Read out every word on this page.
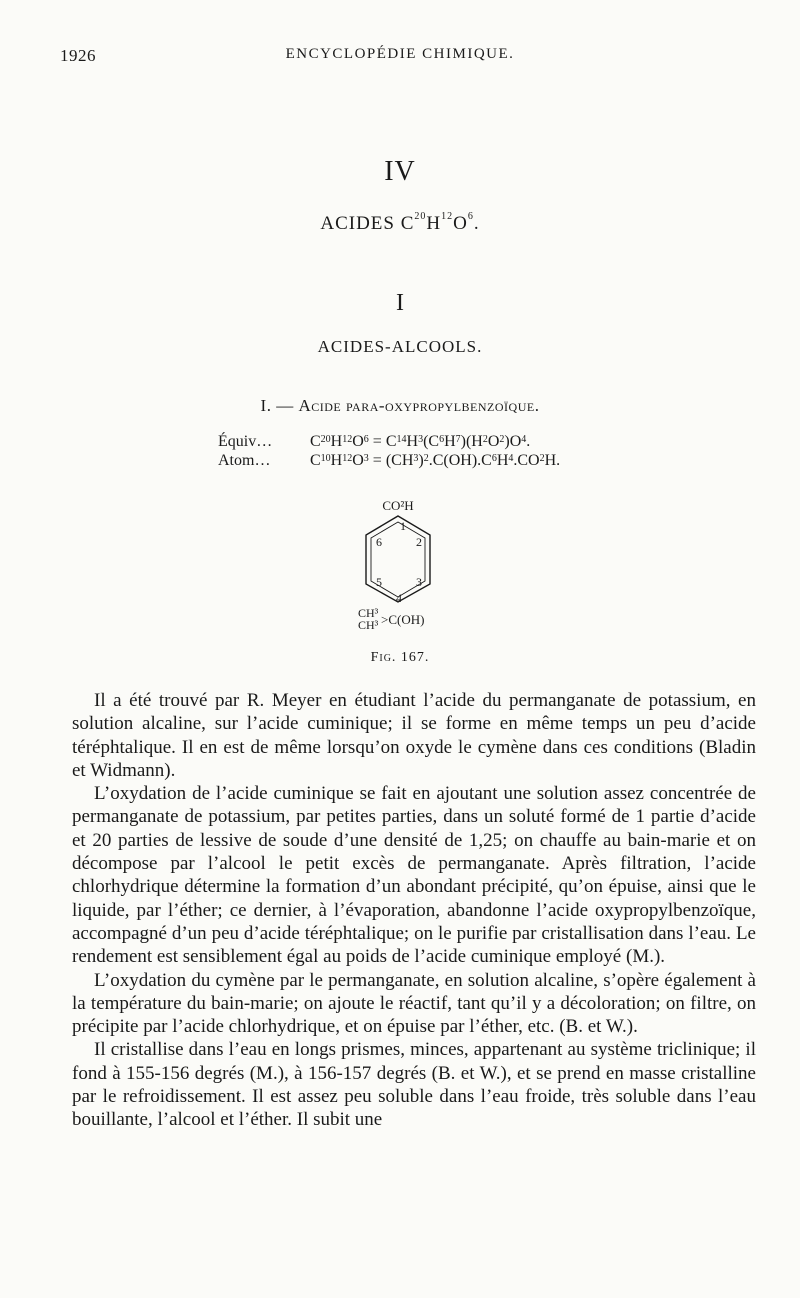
1926	ENCYCLOPÉDIE CHIMIQUE.
IV
ACIDES $C^{20}H^{12}O^6$.
I
ACIDES-ALCOOLS.
I. — Acide para-oxypropylbenzoïque.
Équiv… $C^{20}H^{12}O^6 = C^{14}H^3(C^6H^7)(H^2O^2)O^4$.
Atom… $C^{10}H^{12}O^3 = (CH^3)^2.C(OH).C^6H^4.CO^2H$.
CO²H
1
2
3
4
5
6
CH³
CH³ >C(OH)
Fig. 167.

Il a été trouvé par R. Meyer en étudiant l’acide du permanganate de potassium, en solution alcaline, sur l’acide cuminique; il se forme en même temps un peu d’acide téréphtalique. Il en est de même lorsqu’on oxyde le cymène dans ces conditions (Bladin et Widmann).

L’oxydation de l’acide cuminique se fait en ajoutant une solution assez concentrée de permanganate de potassium, par petites parties, dans un soluté formé de 1 partie d’acide et 20 parties de lessive de soude d’une densité de 1,25; on chauffe au bain-marie et on décompose par l’alcool le petit excès de permanganate. Après filtration, l’acide chlorhydrique détermine la formation d’un abondant précipité, qu’on épuise, ainsi que le liquide, par l’éther; ce dernier, à l’évaporation, abandonne l’acide oxypropylbenzoïque, accompagné d’un peu d’acide téréphtalique; on le purifie par cristallisation dans l’eau. Le rendement est sensiblement égal au poids de l’acide cuminique employé (M.).

L’oxydation du cymène par le permanganate, en solution alcaline, s’opère également à la température du bain-marie; on ajoute le réactif, tant qu’il y a décoloration; on filtre, on précipite par l’acide chlorhydrique, et on épuise par l’éther, etc. (B. et W.).

Il cristallise dans l’eau en longs prismes, minces, appartenant au système triclinique; il fond à 155-156 degrés (M.), à 156-157 degrés (B. et W.), et se prend en masse cristalline par le refroidissement. Il est assez peu soluble dans l’eau froide, très soluble dans l’eau bouillante, l’alcool et l’éther. Il subit une
